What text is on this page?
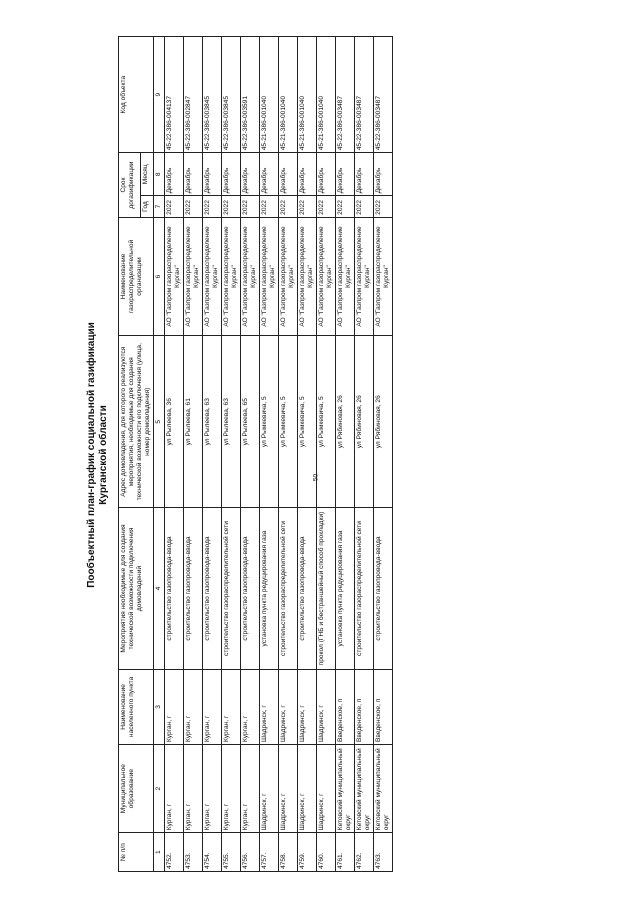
50
Пообъектный план-график социальной газификации Курганской области
№ п/п	Муниципальное образование	Наименование населенного пункта	Мероприятия необходимые для создания технической возможности подключения домовладений	Адрес домовладения, для которого реализуются мероприятия, необходимые для создания технической возможности его подключения (улица, номер домовладения)	Наименование газораспределительной организации	Срок догазификации		Код объекта
						Год	Месяц	
1	2	3	4	5	6	7	8	9
4752.	Курган, г	Курган, г	строительство газопровода-ввода	ул Рылеева, 36	АО "Газпром газораспределение Курган"	2022	Декабрь	45-22-386-004137
4753.	Курган, г	Курган, г	строительство газопровода-ввода	ул Рылеева, 61	АО "Газпром газораспределение Курган"	2022	Декабрь	45-22-386-002847
4754.	Курган, г	Курган, г	строительство газопровода-ввода	ул Рылеева, 63	АО "Газпром газораспределение Курган"	2022	Декабрь	45-22-386-003845
4755.	Курган, г	Курган, г	строительство газораспределительной сети	ул Рылеева, 63	АО "Газпром газораспределение Курган"	2022	Декабрь	45-22-386-003845
4756.	Курган, г	Курган, г	строительство газопровода-ввода	ул Рылеева, 65	АО "Газпром газораспределение Курган"	2022	Декабрь	45-22-386-003591
4757.	Шадринск, г	Шадринск, г	установка пункта редуцирования газа	ул Рымкевича, 5	АО "Газпром газораспределение Курган"	2022	Декабрь	45-21-386-001040
4758.	Шадринск, г	Шадринск, г	строительство газораспределительной сети	ул Рымкевича, 5	АО "Газпром газораспределение Курган"	2022	Декабрь	45-21-386-001040
4759.	Шадринск, г	Шадринск, г	строительство газопровода-ввода	ул Рымкевича, 5	АО "Газпром газораспределение Курган"	2022	Декабрь	45-21-386-001040
4760.	Шадринск, г	Шадринск, г	прокол (ГНБ и бестраншейный способ прокладки)	ул Рымкевича, 5	АО "Газпром газораспределение Курган"	2022	Декабрь	45-21-386-001040
4761.	Кетовский муниципальный округ	Введенское, п	установка пункта редуцирования газа	ул Рябиновая, 26	АО "Газпром газораспределение Курган"	2022	Декабрь	45-22-386-003487
4762.	Кетовский муниципальный округ	Введенское, п	строительство газораспределительной сети	ул Рябиновая, 26	АО "Газпром газораспределение Курган"	2022	Декабрь	45-22-386-003487
4763.	Кетовский муниципальный округ	Введенское, п	строительство газопровода-ввода	ул Рябиновая, 26	АО "Газпром газораспределение Курган"	2022	Декабрь	45-22-386-003487
